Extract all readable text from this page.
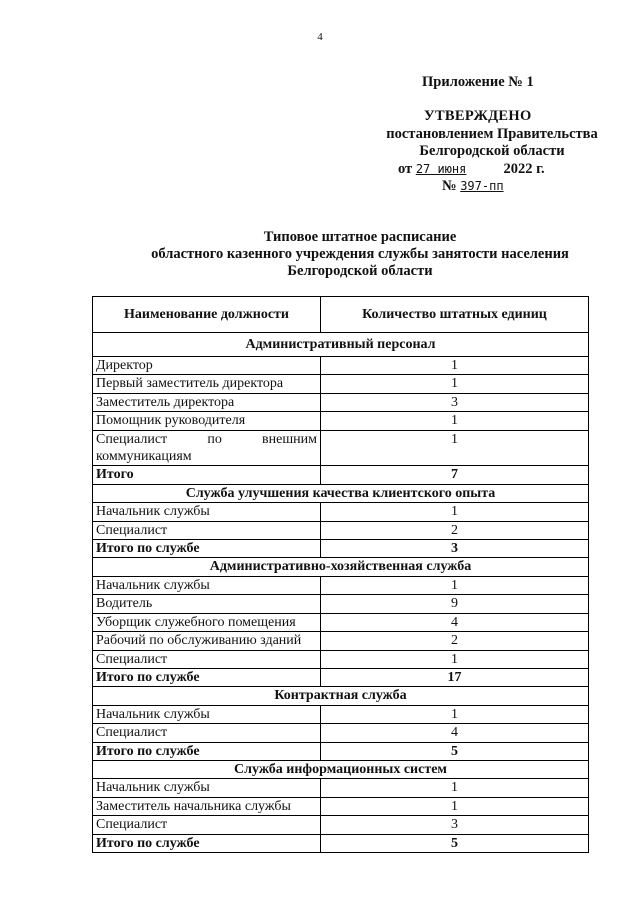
4
Приложение № 1
УТВЕРЖДЕНО
постановлением Правительства
Белгородской области
от 27 июня	2022 г.
№ 397-пп
Типовое штатное расписание
областного казенного учреждения службы занятости населения
Белгородской области
Наименование должности	Количество штатных единиц
Административный персонал	
Директор	1
Первый заместитель директора	1
Заместитель директора	3
Помощник руководителя	1
Специалист по внешним коммуникациям	1
Итого	7
Служба улучшения качества клиентского опыта	
Начальник службы	1
Специалист	2
Итого по службе	3
Административно-хозяйственная служба	
Начальник службы	1
Водитель	9
Уборщик служебного помещения	4
Рабочий по обслуживанию зданий	2
Специалист	1
Итого по службе	17
Контрактная служба	
Начальник службы	1
Специалист	4
Итого по службе	5
Служба информационных систем	
Начальник службы	1
Заместитель начальника службы	1
Специалист	3
Итого по службе	5
